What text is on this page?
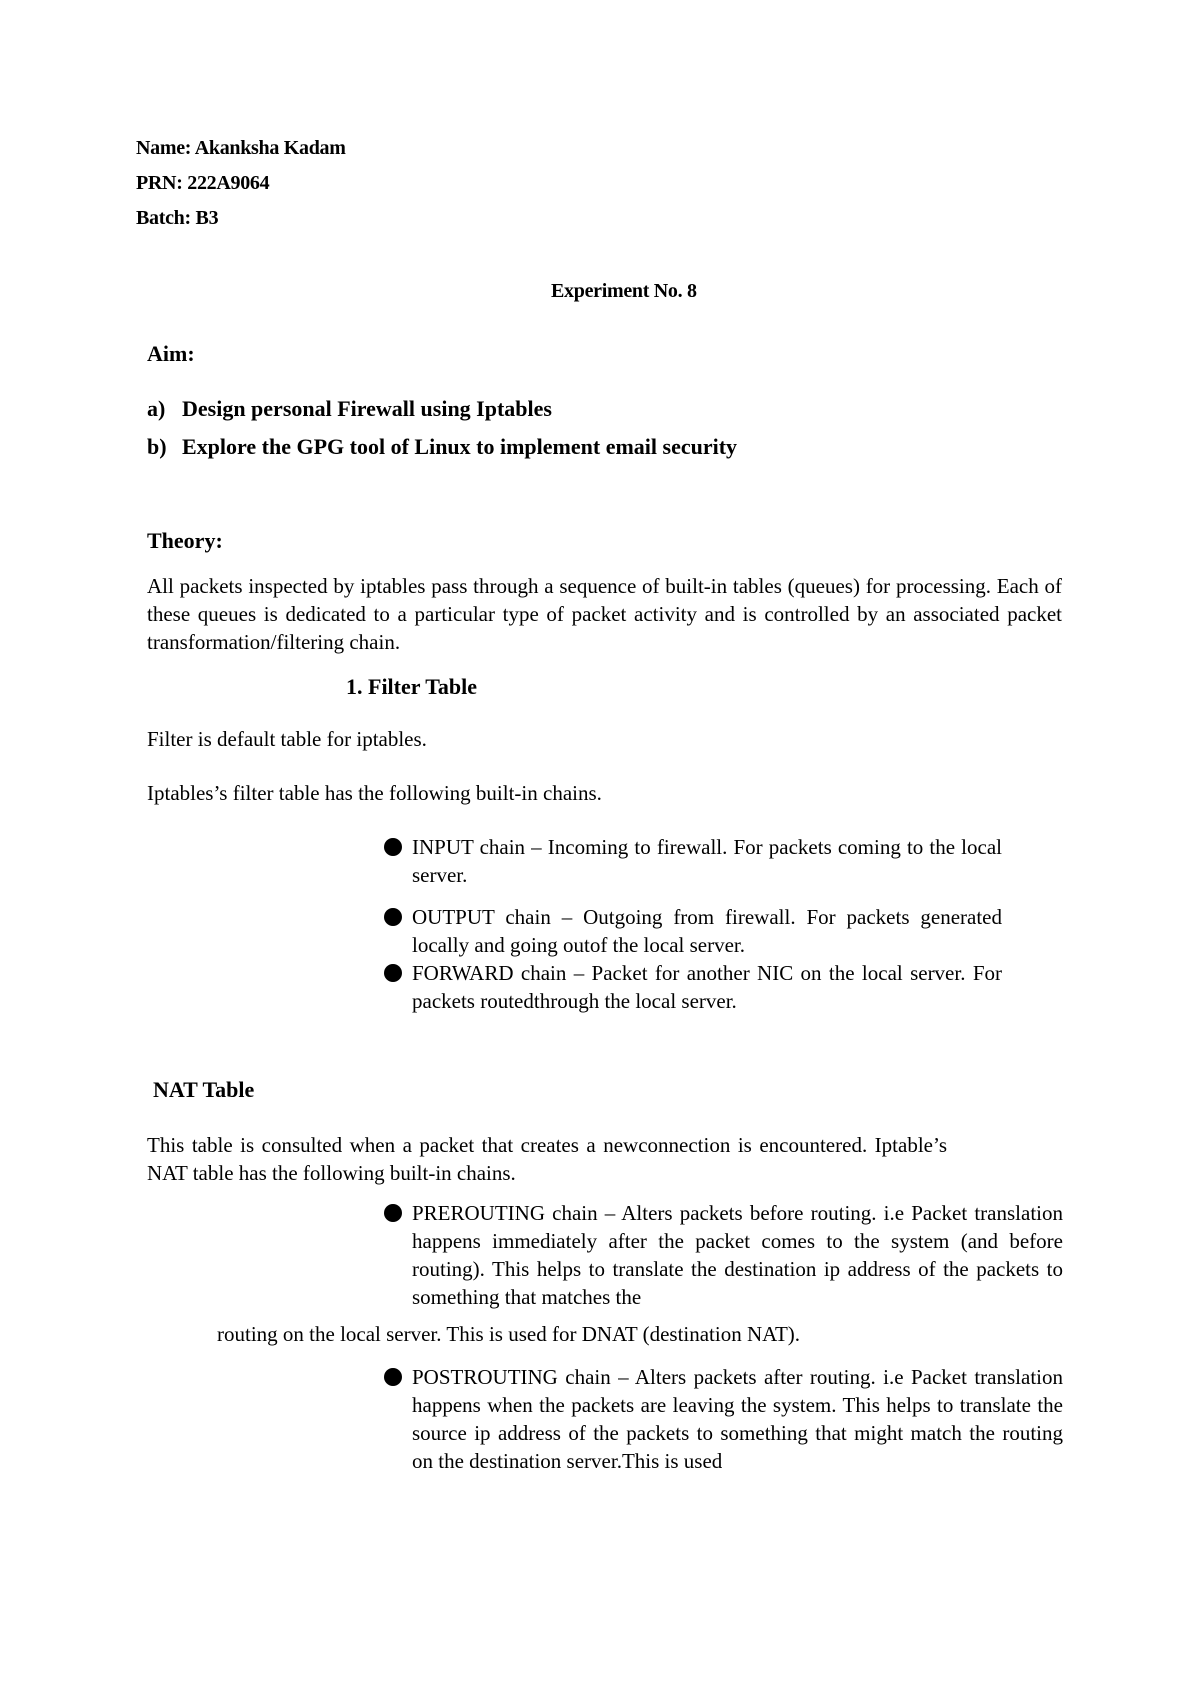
Name: Akanksha Kadam
PRN: 222A9064
Batch: B3
Experiment No. 8
Aim:
a) Design personal Firewall using Iptables
b) Explore the GPG tool of Linux to implement email security
Theory:
All packets inspected by iptables pass through a sequence of built-in tables (queues) for processing. Each of these queues is dedicated to a particular type of packet activity and is controlled by an associated packet transformation/filtering chain.
1. Filter Table
Filter is default table for iptables.
Iptables’s filter table has the following built-in chains.
INPUT chain – Incoming to firewall. For packets coming to the local server.
OUTPUT chain – Outgoing from firewall. For packets generated locally and going outof the local server.
FORWARD chain – Packet for another NIC on the local server. For packets routedthrough the local server.
NAT Table
This table is consulted when a packet that creates a newconnection is encountered. Iptable’s NAT table has the following built-in chains.
PREROUTING chain – Alters packets before routing. i.e Packet translation happens immediately after the packet comes to the system (and before routing). This helps to translate the destination ip address of the packets to something that matches the
routing on the local server. This is used for DNAT (destination NAT).
POSTROUTING chain – Alters packets after routing. i.e Packet translation happens when the packets are leaving the system. This helps to translate the source ip address of the packets to something that might match the routing on the destination server.This is used
